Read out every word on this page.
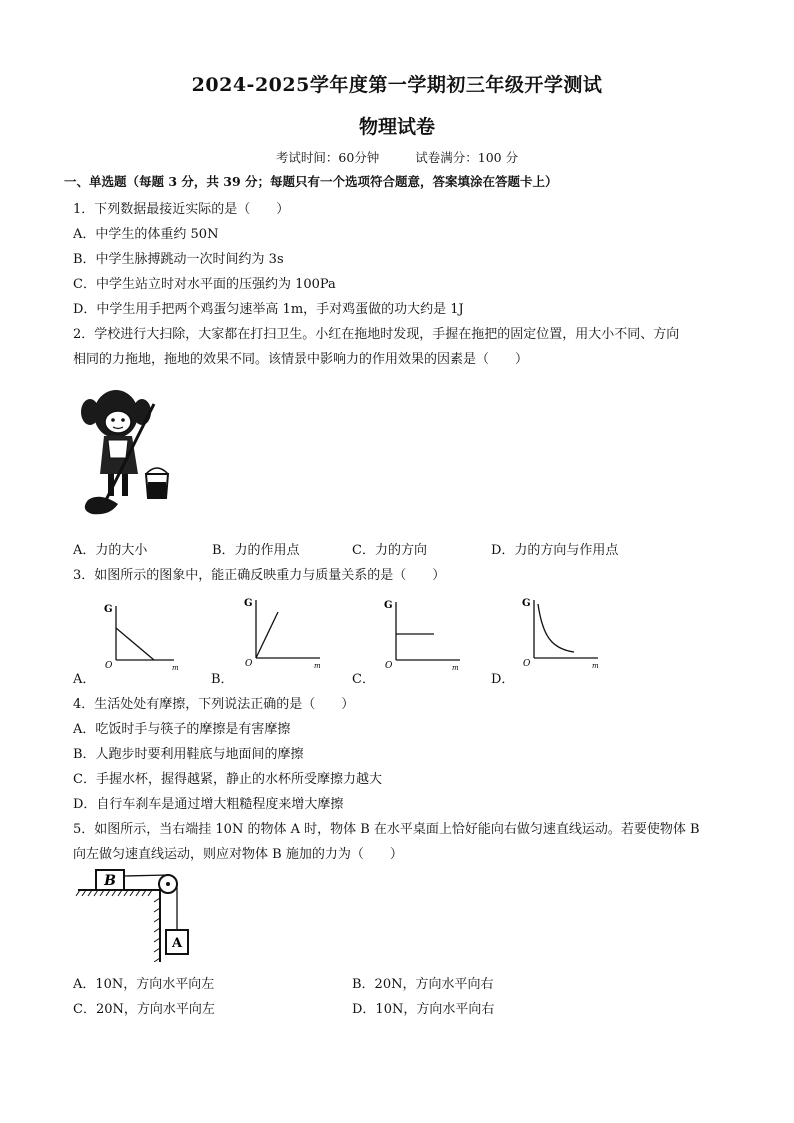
2024-2025学年度第一学期初三年级开学测试
物理试卷
考试时间：60分钟	试卷满分：100 分
一、单选题（每题 3 分，共 39 分；每题只有一个选项符合题意，答案填涂在答题卡上）
1．下列数据最接近实际的是（　　）
A．中学生的体重约 50N
B．中学生脉搏跳动一次时间约为 3s
C．中学生站立时对水平面的压强约为 100Pa
D．中学生用手把两个鸡蛋匀速举高 1m，手对鸡蛋做的功大约是 1J
2．学校进行大扫除，大家都在打扫卫生。小红在拖地时发现，手握在拖把的固定位置，用大小不同、方向
相同的力拖地，拖地的效果不同。该情景中影响力的作用效果的因素是（　　）
A．力的大小	B．力的作用点	C．力的方向	D．力的方向与作用点
3．如图所示的图象中，能正确反映重力与质量关系的是（　　）
A．
G
O	m
B．
G
O	m
C．
G
O	m
D．
G
O	m
4．生活处处有摩擦，下列说法正确的是（　　）
A．吃饭时手与筷子的摩擦是有害摩擦
B．人跑步时要利用鞋底与地面间的摩擦
C．手握水杯，握得越紧，静止的水杯所受摩擦力越大
D．自行车刹车是通过增大粗糙程度来增大摩擦
5．如图所示，当右端挂 10N 的物体 A 时，物体 B 在水平桌面上恰好能向右做匀速直线运动。若要使物体 B
向左做匀速直线运动，则应对物体 B 施加的力为（　　）
B
A
A．10N，方向水平向左	B．20N，方向水平向右
C．20N，方向水平向左	D．10N，方向水平向右
